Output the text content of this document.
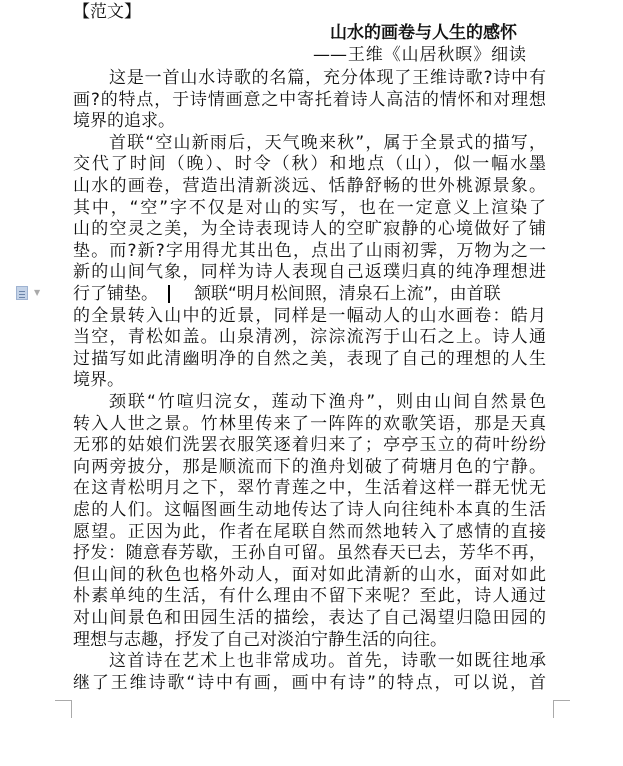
【范文】
山水的画卷与人生的感怀
——王维《山居秋暝》细读
这是一首山水诗歌的名篇，充分体现了王维诗歌?诗中有
画?的特点，于诗情画意之中寄托着诗人高洁的情怀和对理想
境界的追求。
首联“空山新雨后，天气晚来秋”，属于全景式的描写，
交代了时间（晚）、时令（秋）和地点（山），似一幅水墨
山水的画卷，营造出清新淡远、恬静舒畅的世外桃源景象。
其中，“空”字不仅是对山的实写，也在一定意义上渲染了
山的空灵之美，为全诗表现诗人的空旷寂静的心境做好了铺
垫。而?新?字用得尤其出色，点出了山雨初霁，万物为之一
新的山间气象，同样为诗人表现自己返璞归真的纯净理想进
行了铺垫。 颔联“明月松间照，清泉石上流”，由首联
的全景转入山中的近景，同样是一幅动人的山水画卷：皓月
当空，青松如盖。山泉清冽，淙淙流泻于山石之上。诗人通
过描写如此清幽明净的自然之美，表现了自己的理想的人生
境界。
颈联“竹喧归浣女，莲动下渔舟”，则由山间自然景色
转入人世之景。竹林里传来了一阵阵的欢歌笑语，那是天真
无邪的姑娘们洗罢衣服笑逐着归来了；亭亭玉立的荷叶纷纷
向两旁披分，那是顺流而下的渔舟划破了荷塘月色的宁静。
在这青松明月之下，翠竹青莲之中，生活着这样一群无忧无
虑的人们。这幅图画生动地传达了诗人向往纯朴本真的生活
愿望。正因为此，作者在尾联自然而然地转入了感情的直接
抒发：随意春芳歇，王孙自可留。虽然春天已去，芳华不再，
但山间的秋色也格外动人，面对如此清新的山水，面对如此
朴素单纯的生活，有什么理由不留下来呢？至此，诗人通过
对山间景色和田园生活的描绘，表达了自己渴望归隐田园的
理想与志趣，抒发了自己对淡泊宁静生活的向往。
这首诗在艺术上也非常成功。首先，诗歌一如既往地承
继了王维诗歌“诗中有画，画中有诗”的特点，可以说，首
▼
